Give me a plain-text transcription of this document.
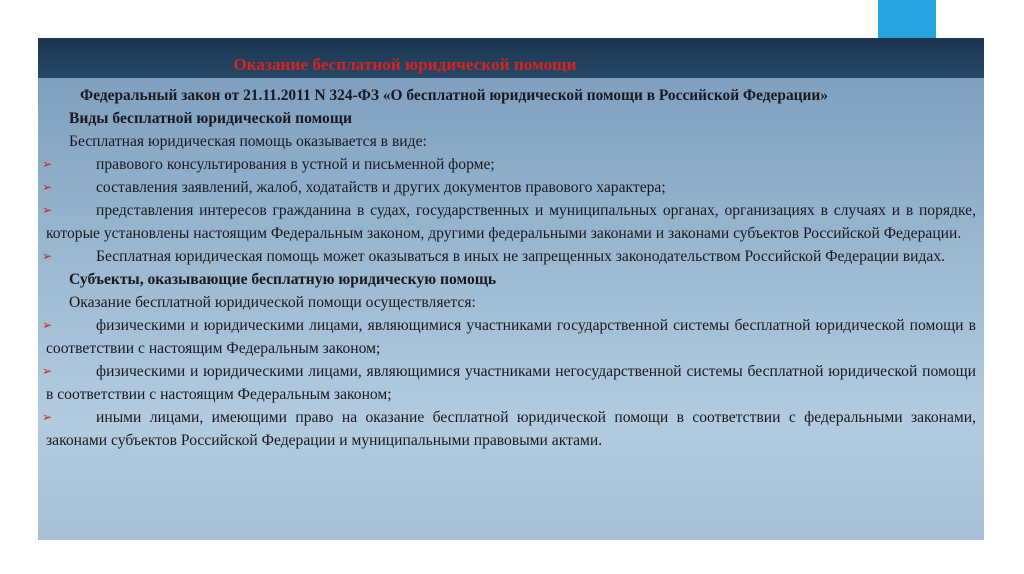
Оказание бесплатной юридической помощи
Федеральный закон от 21.11.2011 N 324-ФЗ «О бесплатной юридической помощи в Российской Федерации»
Виды бесплатной юридической помощи
Бесплатная юридическая помощь оказывается в виде:
➢	правового консультирования в устной и письменной форме;
➢	составления заявлений, жалоб, ходатайств и других документов правового характера;
➢	представления интересов гражданина в судах, государственных и муниципальных органах, организациях в случаях и в порядке, которые установлены настоящим Федеральным законом, другими федеральными законами и законами субъектов Российской Федерации.
➢	Бесплатная юридическая помощь может оказываться в иных не запрещенных законодательством Российской Федерации видах.
Субъекты, оказывающие бесплатную юридическую помощь
Оказание бесплатной юридической помощи осуществляется:
➢	физическими и юридическими лицами, являющимися участниками государственной системы бесплатной юридической помощи в соответствии с настоящим Федеральным законом;
➢	физическими и юридическими лицами, являющимися участниками негосударственной системы бесплатной юридической помощи в соответствии с настоящим Федеральным законом;
➢	иными лицами, имеющими право на оказание бесплатной юридической помощи в соответствии с федеральными законами, законами субъектов Российской Федерации и муниципальными правовыми актами.
